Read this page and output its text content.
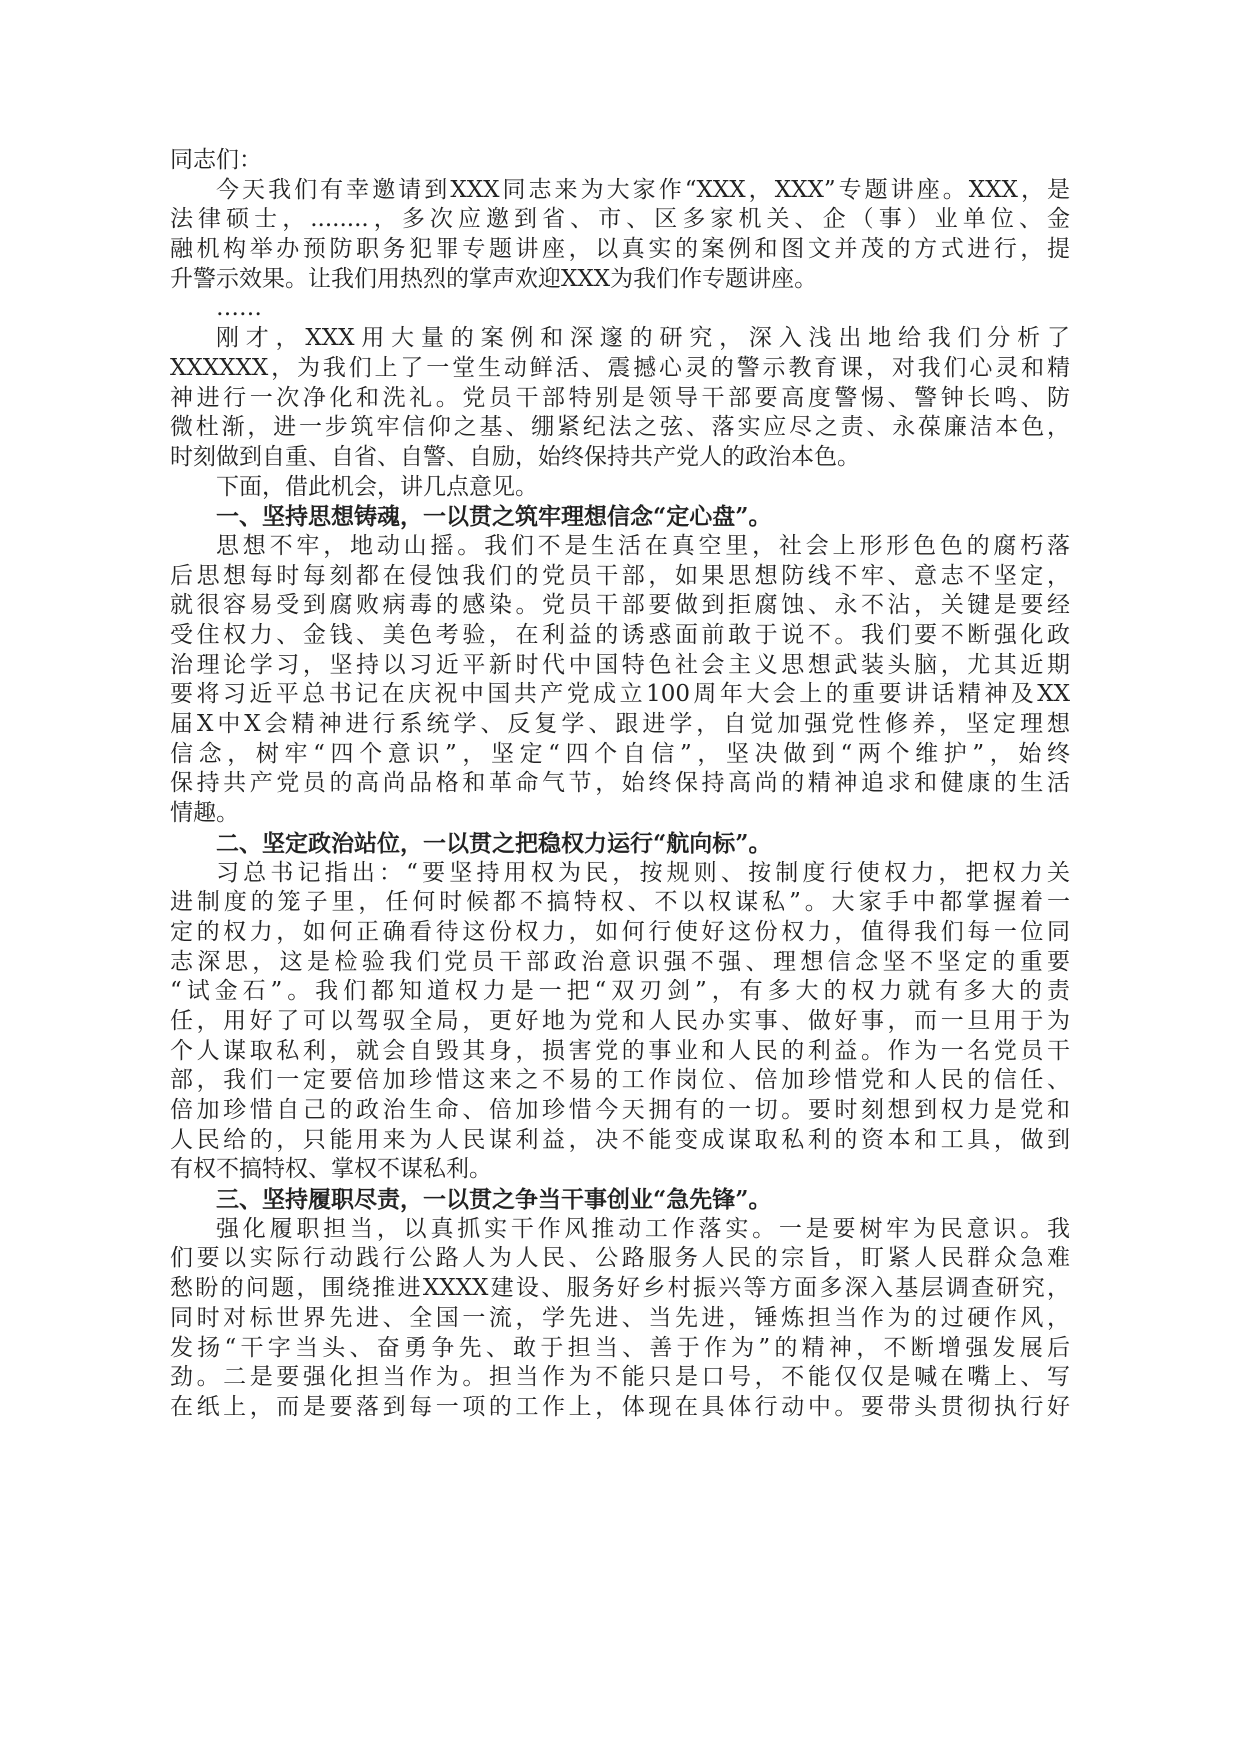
同志们：
今天我们有幸邀请到XXX同志来为大家作“XXX，XXX”专题讲座。XXX，是
法律硕士，........，多次应邀到省、市、区多家机关、企（事）业单位、金
融机构举办预防职务犯罪专题讲座，以真实的案例和图文并茂的方式进行，提
升警示效果。让我们用热烈的掌声欢迎XXX为我们作专题讲座。
……
刚才，XXX用大量的案例和深邃的研究，深入浅出地给我们分析了
XXXXXX，为我们上了一堂生动鲜活、震撼心灵的警示教育课，对我们心灵和精
神进行一次净化和洗礼。党员干部特别是领导干部要高度警惕、警钟长鸣、防
微杜渐，进一步筑牢信仰之基、绷紧纪法之弦、落实应尽之责、永葆廉洁本色，
时刻做到自重、自省、自警、自励，始终保持共产党人的政治本色。
下面，借此机会，讲几点意见。
一、坚持思想铸魂，一以贯之筑牢理想信念“定心盘”。
思想不牢，地动山摇。我们不是生活在真空里，社会上形形色色的腐朽落
后思想每时每刻都在侵蚀我们的党员干部，如果思想防线不牢、意志不坚定，
就很容易受到腐败病毒的感染。党员干部要做到拒腐蚀、永不沾，关键是要经
受住权力、金钱、美色考验，在利益的诱惑面前敢于说不。我们要不断强化政
治理论学习，坚持以习近平新时代中国特色社会主义思想武装头脑，尤其近期
要将习近平总书记在庆祝中国共产党成立100周年大会上的重要讲话精神及XX
届X中X会精神进行系统学、反复学、跟进学，自觉加强党性修养，坚定理想
信念，树牢“四个意识”，坚定“四个自信”，坚决做到“两个维护”，始终
保持共产党员的高尚品格和革命气节，始终保持高尚的精神追求和健康的生活
情趣。
二、坚定政治站位，一以贯之把稳权力运行“航向标”。
习总书记指出：“要坚持用权为民，按规则、按制度行使权力，把权力关
进制度的笼子里，任何时候都不搞特权、不以权谋私”。大家手中都掌握着一
定的权力，如何正确看待这份权力，如何行使好这份权力，值得我们每一位同
志深思，这是检验我们党员干部政治意识强不强、理想信念坚不坚定的重要
“试金石”。我们都知道权力是一把“双刃剑”，有多大的权力就有多大的责
任，用好了可以驾驭全局，更好地为党和人民办实事、做好事，而一旦用于为
个人谋取私利，就会自毁其身，损害党的事业和人民的利益。作为一名党员干
部，我们一定要倍加珍惜这来之不易的工作岗位、倍加珍惜党和人民的信任、
倍加珍惜自己的政治生命、倍加珍惜今天拥有的一切。要时刻想到权力是党和
人民给的，只能用来为人民谋利益，决不能变成谋取私利的资本和工具，做到
有权不搞特权、掌权不谋私利。
三、坚持履职尽责，一以贯之争当干事创业“急先锋”。
强化履职担当，以真抓实干作风推动工作落实。一是要树牢为民意识。我
们要以实际行动践行公路人为人民、公路服务人民的宗旨，盯紧人民群众急难
愁盼的问题，围绕推进XXXX建设、服务好乡村振兴等方面多深入基层调查研究，
同时对标世界先进、全国一流，学先进、当先进，锤炼担当作为的过硬作风，
发扬“干字当头、奋勇争先、敢于担当、善于作为”的精神，不断增强发展后
劲。二是要强化担当作为。担当作为不能只是口号，不能仅仅是喊在嘴上、写
在纸上，而是要落到每一项的工作上，体现在具体行动中。要带头贯彻执行好
